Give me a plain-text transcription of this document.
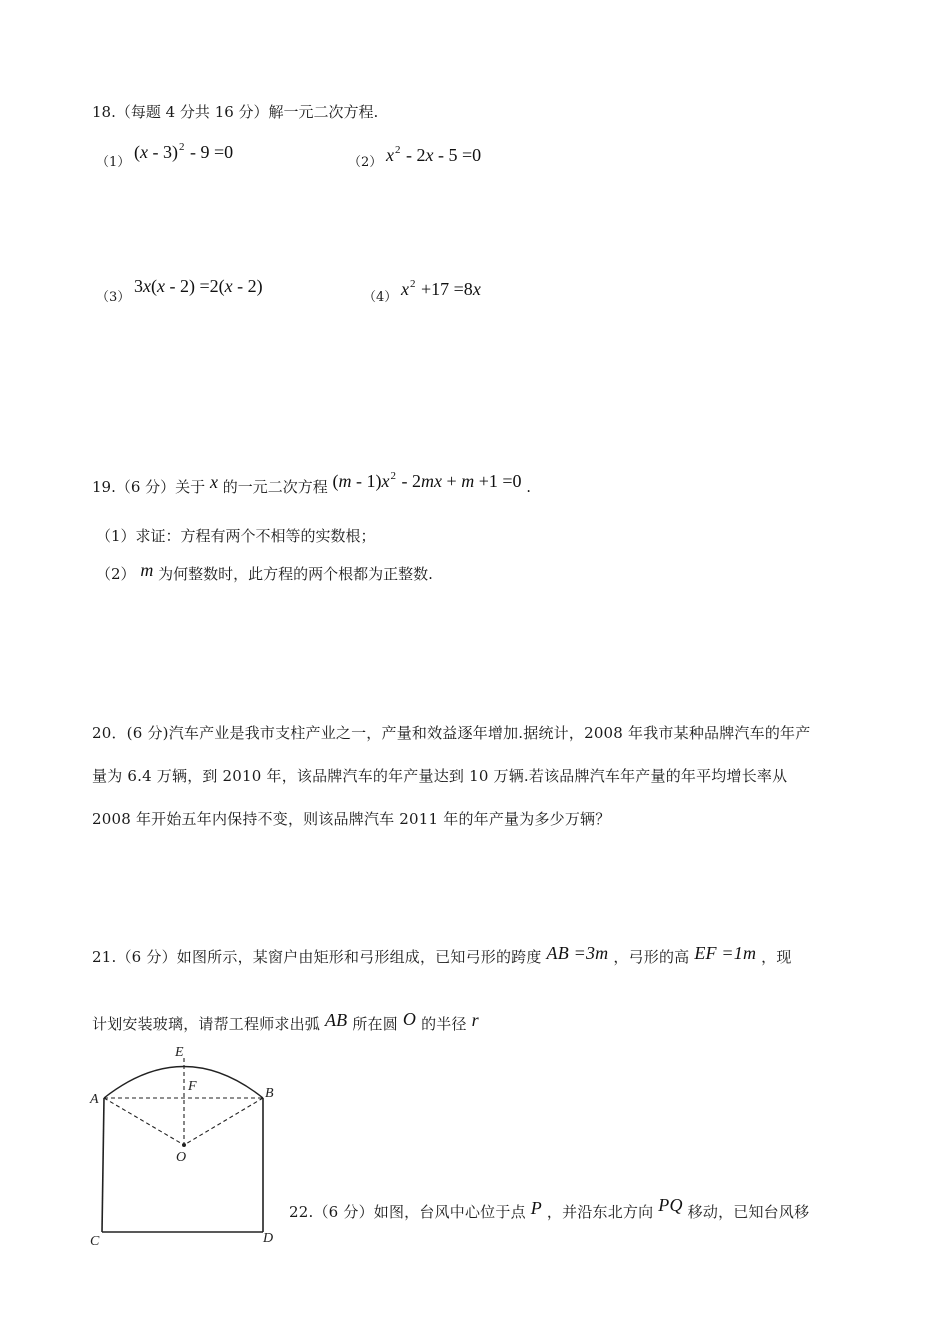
18.（每题 4 分共 16 分）解一元二次方程.
（1）
(x - 3)$^2$ - 9 =0
（2） $x^2 - 2x - 5 =0$
（3）
3x(x - 2) =2(x - 2)
（4） $x^2 +17 =8x$
19.（6 分）关于 x 的一元二次方程 $(m - 1)x^2 - 2mx + m +1 =0$ .
（1）求证：方程有两个不相等的实数根；
（2） m 为何整数时，此方程的两个根都为正整数.
20．(6 分)汽车产业是我市支柱产业之一，产量和效益逐年增加.据统计，2008 年我市某种品牌汽车的年产
量为 6.4 万辆，到 2010 年，该品牌汽车的年产量达到 10 万辆.若该品牌汽车年产量的年平均增长率从
2008 年开始五年内保持不变，则该品牌汽车 2011 年的年产量为多少万辆？
21.（6 分）如图所示，某窗户由矩形和弓形组成，已知弓形的跨度 AB =3m ，弓形的高 EF =1m ，现
计划安装玻璃，请帮工程师求出弧 AB 所在圆 O 的半径 r
E
F
A	B
O
C	D
22.（6 分）如图，台风中心位于点 P ，并沿东北方向 PQ 移动，已知台风移
